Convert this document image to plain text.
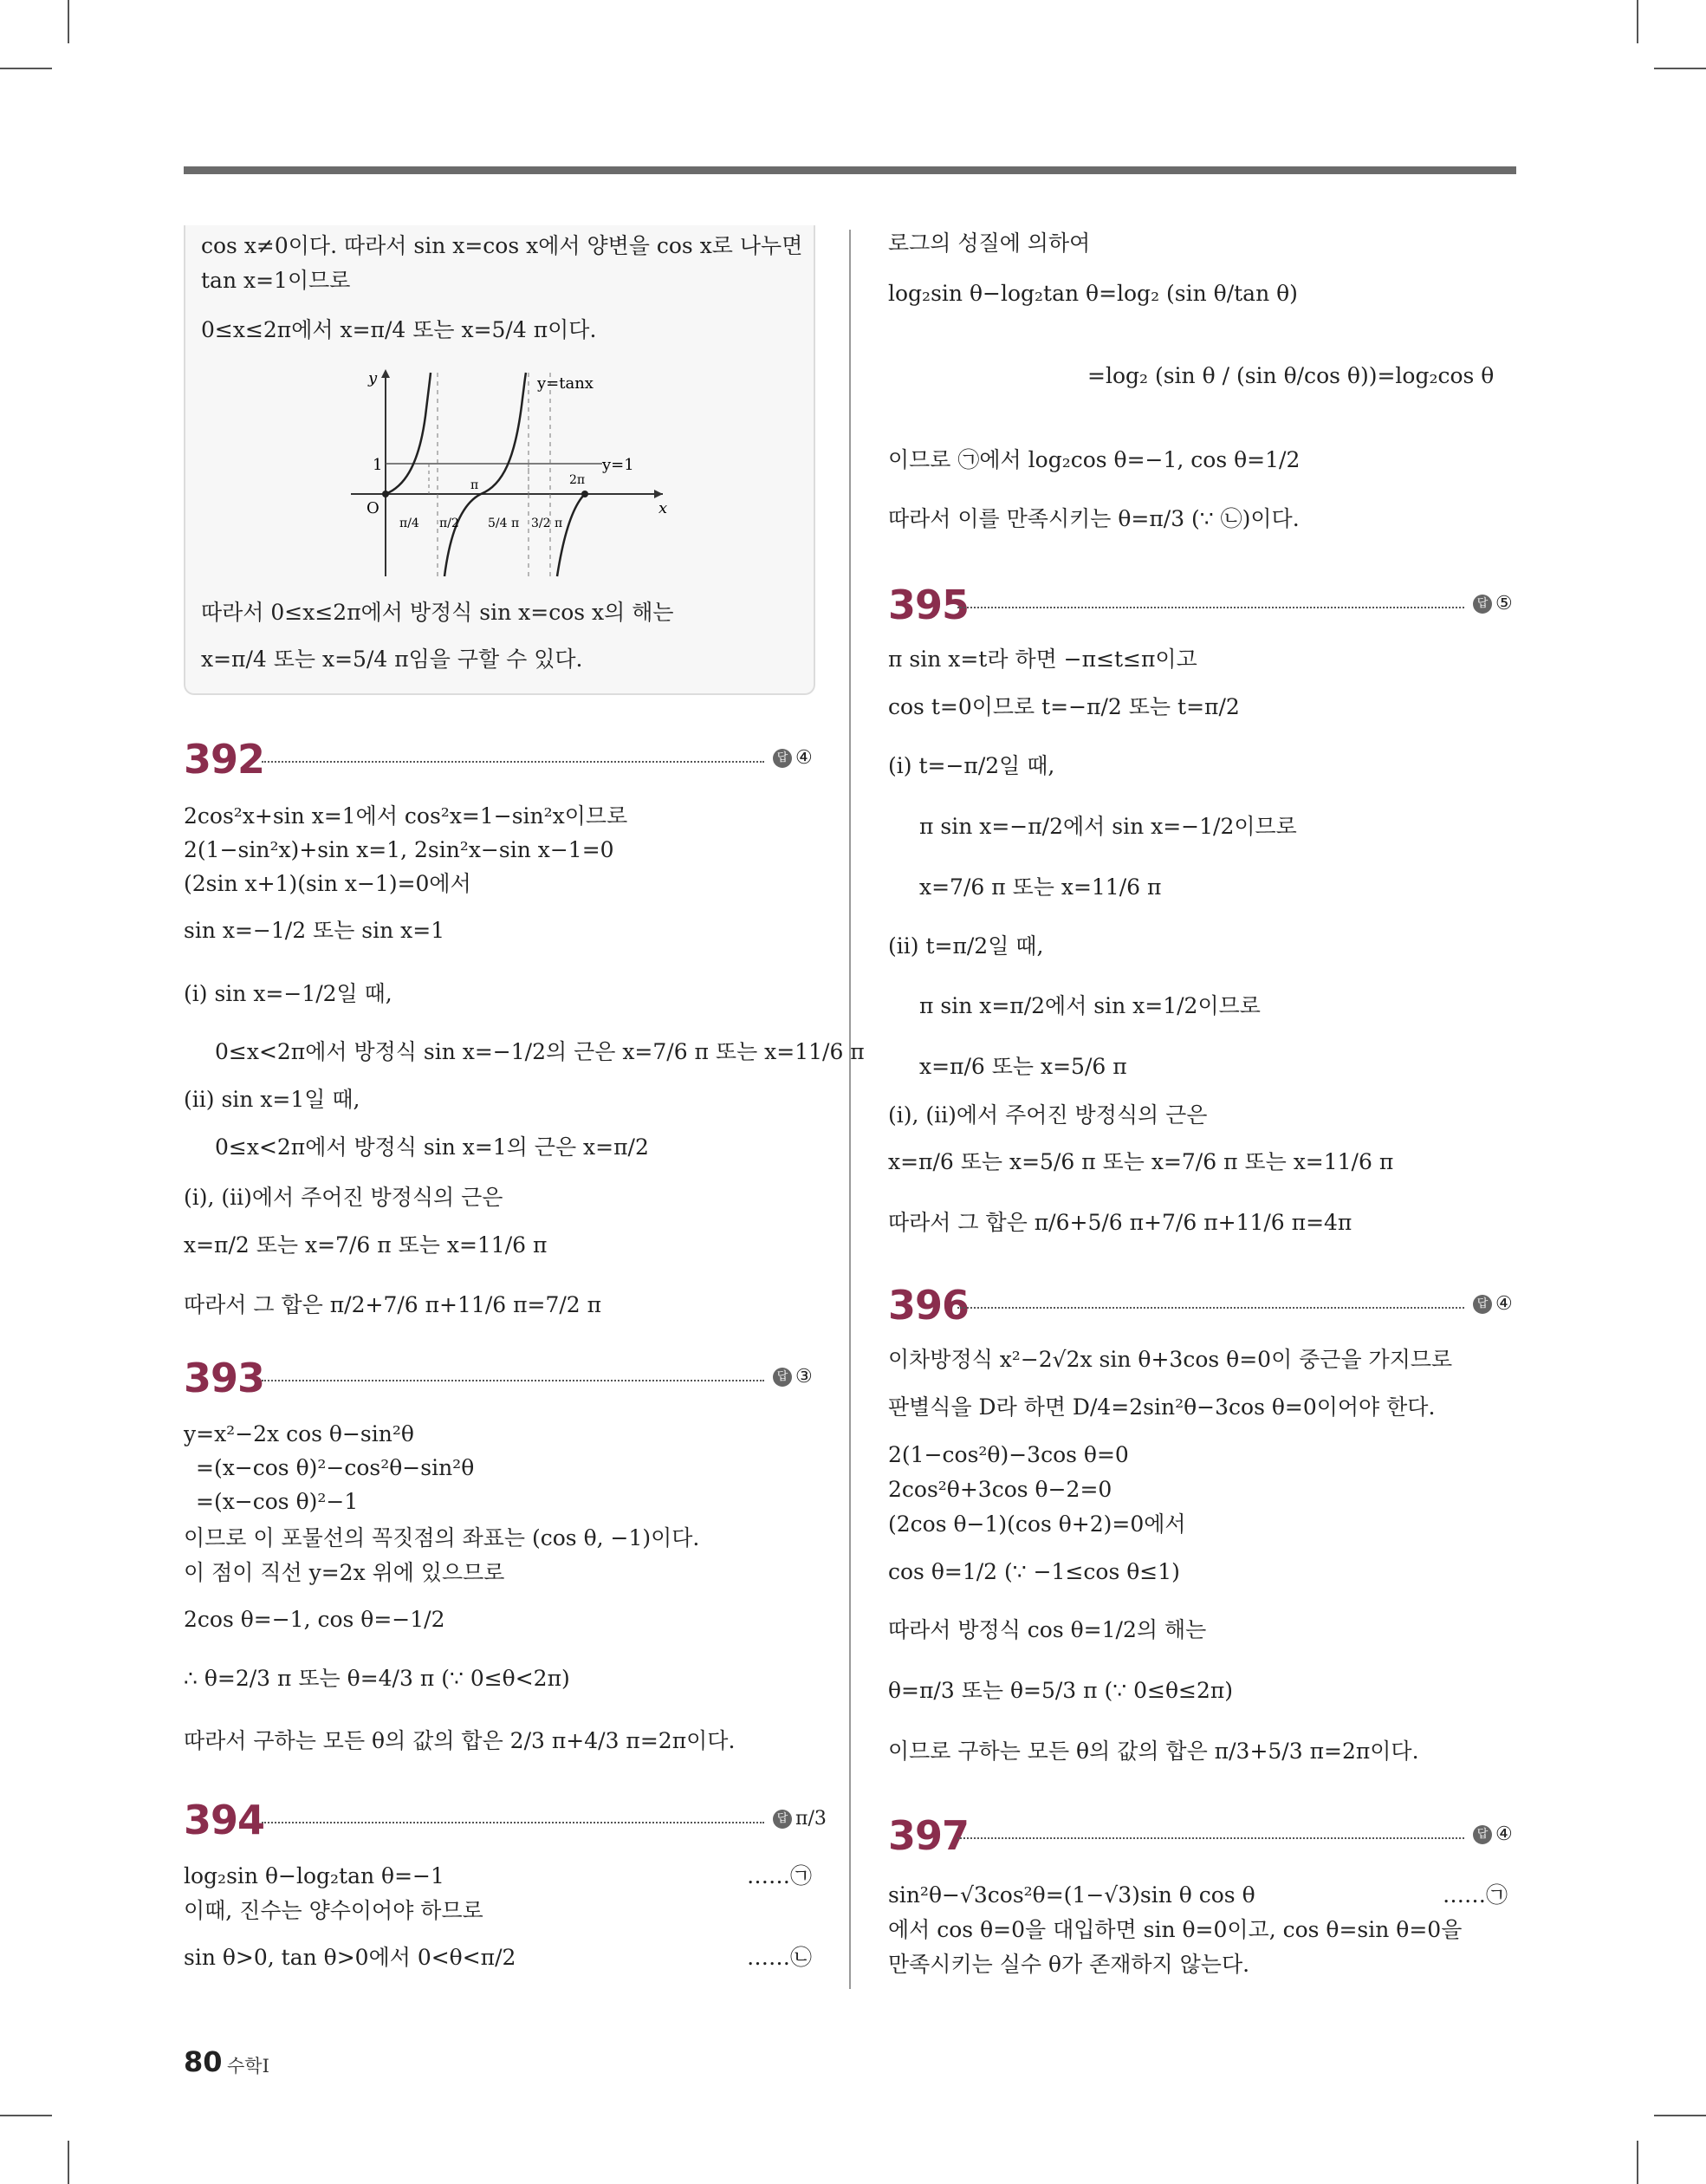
cos x≠0이다. 따라서 sin x=cos x에서 양변을 cos x로 나누면
tan x=1이므로
0≤x≤2π에서 x=π/4 또는 x=5/4 π이다.
따라서 0≤x≤2π에서 방정식 sin x=cos x의 해는
x=π/4 또는 x=5/4 π임을 구할 수 있다.
y
x
O
1
y=tanx
y=1
π/4 π/2
π
5/4 π 3/2 π
2π
392	답 ④
2cos²x+sin x=1에서 cos²x=1−sin²x이므로
2(1−sin²x)+sin x=1, 2sin²x−sin x−1=0
(2sin x+1)(sin x−1)=0에서
sin x=−1/2 또는 sin x=1
(ⅰ) sin x=−1/2일 때,
0≤x<2π에서 방정식 sin x=−1/2의 근은 x=7/6 π 또는 x=11/6 π
(ⅱ) sin x=1일 때,
0≤x<2π에서 방정식 sin x=1의 근은 x=π/2
(ⅰ), (ⅱ)에서 주어진 방정식의 근은
x=π/2 또는 x=7/6 π 또는 x=11/6 π
따라서 그 합은 π/2+7/6 π+11/6 π=7/2 π
393	답 ③
y=x²−2x cos θ−sin²θ
=(x−cos θ)²−cos²θ−sin²θ
=(x−cos θ)²−1
이므로 이 포물선의 꼭짓점의 좌표는 (cos θ, −1)이다.
이 점이 직선 y=2x 위에 있으므로
2cos θ=−1, cos θ=−1/2
∴ θ=2/3 π 또는 θ=4/3 π (∵ 0≤θ<2π)
따라서 구하는 모든 θ의 값의 합은 2/3 π+4/3 π=2π이다.
394	답 π/3
log₂sin θ−log₂tan θ=−1	……㉠
이때, 진수는 양수이어야 하므로
sin θ>0, tan θ>0에서 0<θ<π/2	……㉡
로그의 성질에 의하여
log₂sin θ−log₂tan θ=log₂ (sin θ/tan θ)
=log₂ (sin θ / (sin θ/cos θ))=log₂cos θ
이므로 ㉠에서 log₂cos θ=−1, cos θ=1/2
따라서 이를 만족시키는 θ=π/3 (∵ ㉡)이다.
395	답 ⑤
π sin x=t라 하면 −π≤t≤π이고
cos t=0이므로 t=−π/2 또는 t=π/2
(ⅰ) t=−π/2일 때,
π sin x=−π/2에서 sin x=−1/2이므로
x=7/6 π 또는 x=11/6 π
(ⅱ) t=π/2일 때,
π sin x=π/2에서 sin x=1/2이므로
x=π/6 또는 x=5/6 π
(ⅰ), (ⅱ)에서 주어진 방정식의 근은
x=π/6 또는 x=5/6 π 또는 x=7/6 π 또는 x=11/6 π
따라서 그 합은 π/6+5/6 π+7/6 π+11/6 π=4π
396	답 ④
이차방정식 x²−2√2x sin θ+3cos θ=0이 중근을 가지므로
판별식을 D라 하면 D/4=2sin²θ−3cos θ=0이어야 한다.
2(1−cos²θ)−3cos θ=0
2cos²θ+3cos θ−2=0
(2cos θ−1)(cos θ+2)=0에서
cos θ=1/2 (∵ −1≤cos θ≤1)
따라서 방정식 cos θ=1/2의 해는
θ=π/3 또는 θ=5/3 π (∵ 0≤θ≤2π)
이므로 구하는 모든 θ의 값의 합은 π/3+5/3 π=2π이다.
397	답 ④
sin²θ−√3cos²θ=(1−√3)sin θ cos θ	……㉠
에서 cos θ=0을 대입하면 sin θ=0이고, cos θ=sin θ=0을
만족시키는 실수 θ가 존재하지 않는다.
80 수학Ⅰ
